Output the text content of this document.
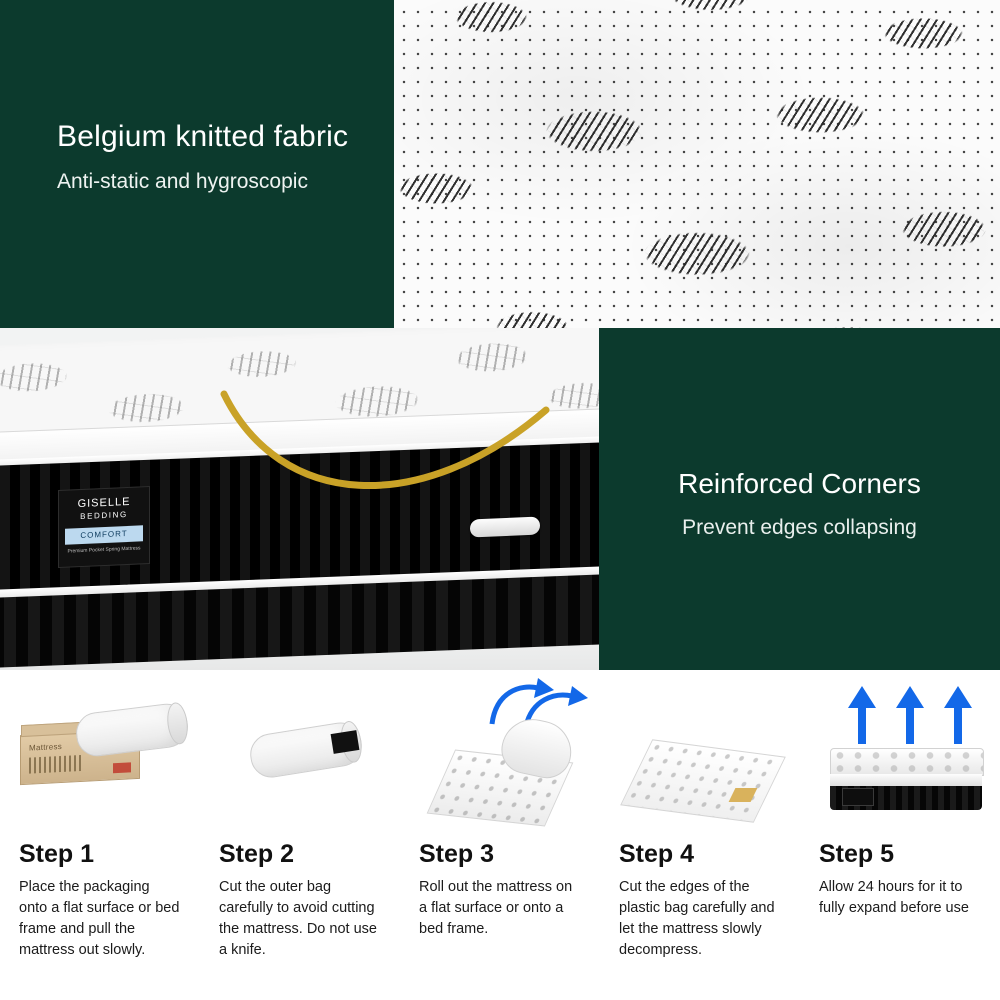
Belgium knitted fabric
Anti-static and hygroscopic
GISELLE
BEDDING
COMFORT
Premium Pocket Spring Mattress
Reinforced Corners
Prevent edges collapsing
Mattress
Step 1
Place the packaging onto a flat surface or bed frame and pull the mattress out slowly.
Step 2
Cut the outer bag carefully to avoid cutting the mattress. Do not use a knife.
Step 3
Roll out the mattress on a flat surface or onto a bed frame.
Step 4
Cut the edges of the plastic bag carefully and let the mattress slowly decompress.
Step 5
Allow 24 hours for it to fully expand before use
